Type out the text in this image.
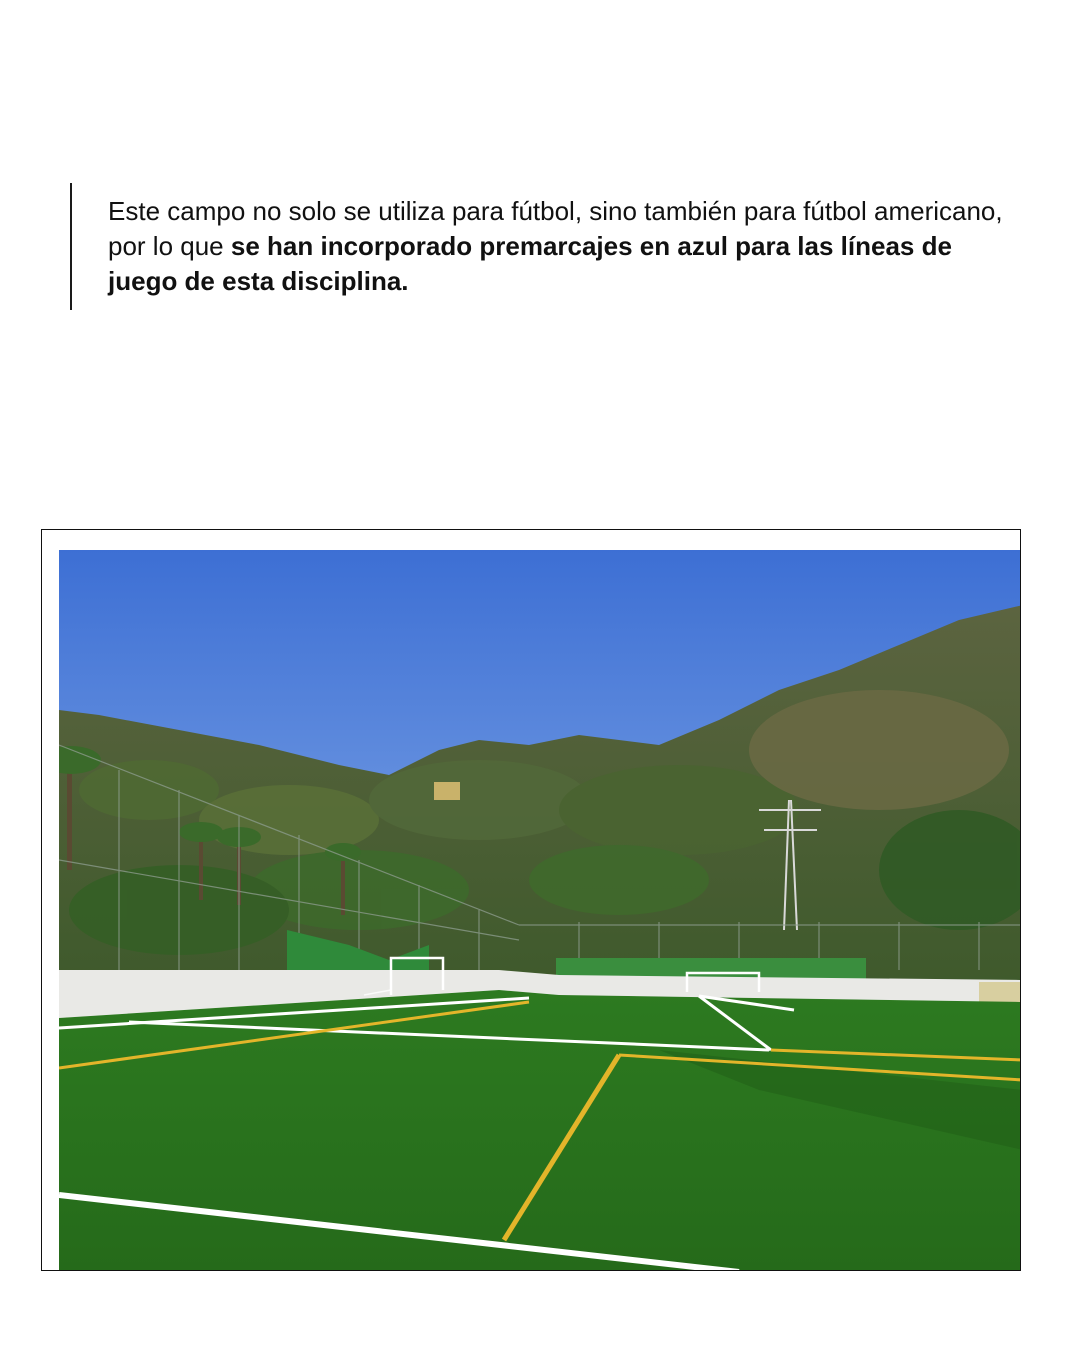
Este campo no solo se utiliza para fútbol, sino también para fútbol americano, por lo que se han incorporado premarcajes en azul para las líneas de juego de esta disciplina.
